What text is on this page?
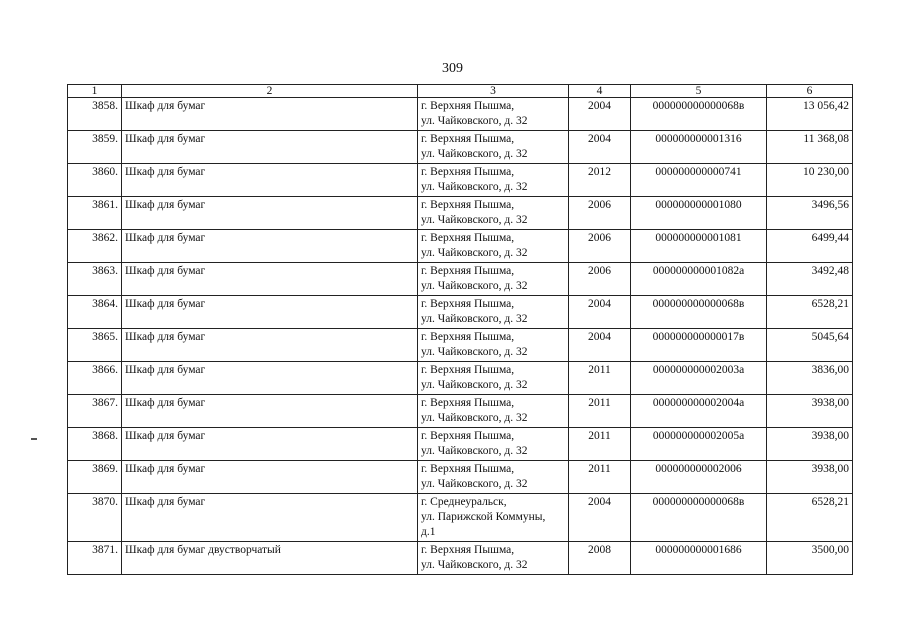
309
1	2	3	4	5	6
3858.	Шкаф для бумаг	г. Верхняя Пышма,
ул. Чайковского, д. 32	2004	000000000000068в	13 056,42
3859.	Шкаф для бумаг	г. Верхняя Пышма,
ул. Чайковского, д. 32	2004	000000000001316	11 368,08
3860.	Шкаф для бумаг	г. Верхняя Пышма,
ул. Чайковского, д. 32	2012	000000000000741	10 230,00
3861.	Шкаф для бумаг	г. Верхняя Пышма,
ул. Чайковского, д. 32	2006	000000000001080	3496,56
3862.	Шкаф для бумаг	г. Верхняя Пышма,
ул. Чайковского, д. 32	2006	000000000001081	6499,44
3863.	Шкаф для бумаг	г. Верхняя Пышма,
ул. Чайковского, д. 32	2006	000000000001082а	3492,48
3864.	Шкаф для бумаг	г. Верхняя Пышма,
ул. Чайковского, д. 32	2004	000000000000068в	6528,21
3865.	Шкаф для бумаг	г. Верхняя Пышма,
ул. Чайковского, д. 32	2004	000000000000017в	5045,64
3866.	Шкаф для бумаг	г. Верхняя Пышма,
ул. Чайковского, д. 32	2011	000000000002003а	3836,00
3867.	Шкаф для бумаг	г. Верхняя Пышма,
ул. Чайковского, д. 32	2011	000000000002004а	3938,00
3868.	Шкаф для бумаг	г. Верхняя Пышма,
ул. Чайковского, д. 32	2011	000000000002005а	3938,00
3869.	Шкаф для бумаг	г. Верхняя Пышма,
ул. Чайковского, д. 32	2011	000000000002006	3938,00
3870.	Шкаф для бумаг	г. Среднеуральск,
ул. Парижской Коммуны,
д.1	2004	000000000000068в	6528,21
3871.	Шкаф для бумаг двустворчатый	г. Верхняя Пышма,
ул. Чайковского, д. 32	2008	000000000001686	3500,00
